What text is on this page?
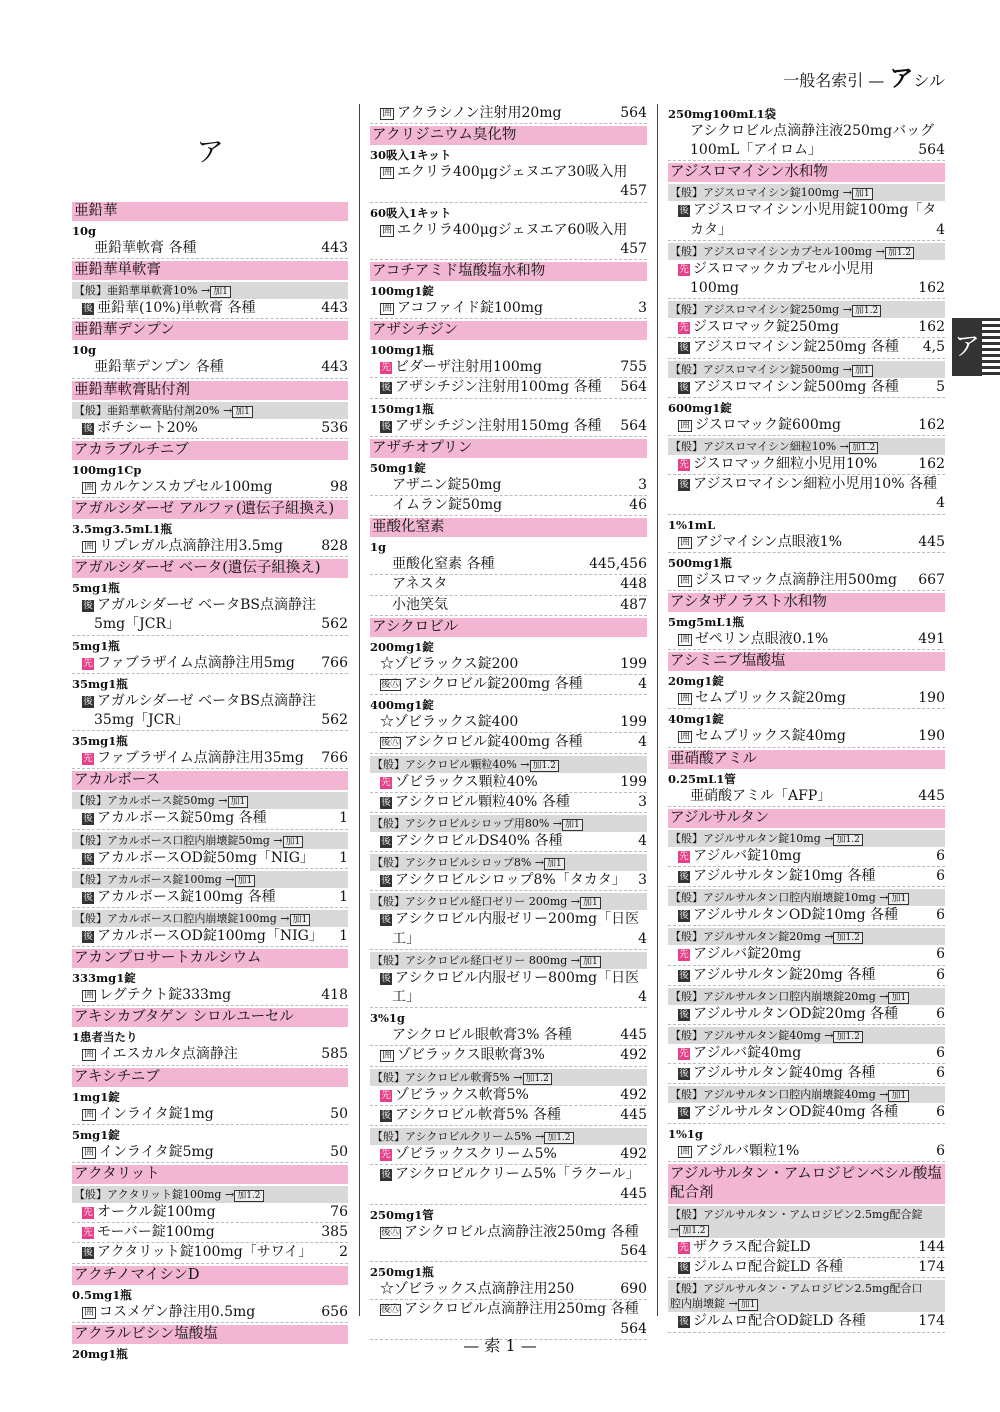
一般名索引 — アシル
ア
ア
亜鉛華
10g
亜鉛華軟膏 各種	443
亜鉛華単軟膏
【般】亜鉛華単軟膏10% → 加1
後 亜鉛華(10%)単軟膏 各種	443
亜鉛華デンプン
10g
亜鉛華デンプン 各種	443
亜鉛華軟膏貼付剤
【般】亜鉛華軟膏貼付剤20% → 加1
後 ボチシート20%	536
アカラブルチニブ
100mg1Cp
囲 カルケンスカプセル100mg	98
アガルシダーゼ アルファ(遺伝子組換え)
3.5mg3.5mL1瓶
囲 リプレガル点滴静注用3.5mg	828
アガルシダーゼ ベータ(遺伝子組換え)
5mg1瓶
後 アガルシダーゼ ベータBS点滴静注
5mg「JCR」	562
5mg1瓶
先 ファブラザイム点滴静注用5mg	766
35mg1瓶
後 アガルシダーゼ ベータBS点滴静注
35mg「JCR」	562
35mg1瓶
先 ファブラザイム点滴静注用35mg	766
アカルボース
【般】アカルボース錠50mg → 加1
後 アカルボース錠50mg 各種	1
【般】アカルボース口腔内崩壊錠50mg → 加1
後 アカルボースOD錠50mg「NIG」	1
【般】アカルボース錠100mg → 加1
後 アカルボース錠100mg 各種	1
【般】アカルボース口腔内崩壊錠100mg → 加1
後 アカルボースOD錠100mg「NIG」	1
アカンプロサートカルシウム
333mg1錠
囲 レグテクト錠333mg	418
アキシカブタゲン シロルユーセル
1患者当たり
囲 イエスカルタ点滴静注	585
アキシチニブ
1mg1錠
囲 インライタ錠1mg	50
5mg1錠
囲 インライタ錠5mg	50
アクタリット
【般】アクタリット錠100mg → 加1.2
先 オークル錠100mg	76
先 モーバー錠100mg	385
後 アクタリット錠100mg「サワイ」	2
アクチノマイシンD
0.5mg1瓶
囲 コスメゲン静注用0.5mg	656
アクラルビシン塩酸塩
20mg1瓶
囲 アクラシノン注射用20mg	564
アクリジニウム臭化物
30吸入1キット
囲 エクリラ400μgジェヌエア30吸入用
457
60吸入1キット
囲 エクリラ400μgジェヌエア60吸入用
457
アコチアミド塩酸塩水和物
100mg1錠
囲 アコファイド錠100mg	3
アザシチジン
100mg1瓶
先 ビダーザ注射用100mg	755
後 アザシチジン注射用100mg 各種	564
150mg1瓶
後 アザシチジン注射用150mg 各種	564
アザチオプリン
50mg1錠
アザニン錠50mg	3
イムラン錠50mg	46
亜酸化窒素
1g
亜酸化窒素 各種	445,456
アネスタ	448
小池笑気	487
アシクロビル
200mg1錠
☆ゾビラックス錠200	199
後㊇ アシクロビル錠200mg 各種	4
400mg1錠
☆ゾビラックス錠400	199
後㊇ アシクロビル錠400mg 各種	4
【般】アシクロビル顆粒40% → 加1.2
先 ゾビラックス顆粒40%	199
後 アシクロビル顆粒40% 各種	3
【般】アシクロビルシロップ用80% → 加1
後 アシクロビルDS40% 各種	4
【般】アシクロビルシロップ8% → 加1
後 アシクロビルシロップ8%「タカタ」 3
【般】アシクロビル経口ゼリー 200mg → 加1
後 アシクロビル内服ゼリー200mg「日医
工」	4
【般】アシクロビル経口ゼリー 800mg → 加1
後 アシクロビル内服ゼリー800mg「日医
工」	4
3%1g
アシクロビル眼軟膏3% 各種	445
囲 ゾビラックス眼軟膏3%	492
【般】アシクロビル軟膏5% → 加1.2
先 ゾビラックス軟膏5%	492
後 アシクロビル軟膏5% 各種	445
【般】アシクロビルクリーム5% → 加1.2
先 ゾビラックスクリーム5%	492
後 アシクロビルクリーム5%「ラクール」
445
250mg1管
後㊇ アシクロビル点滴静注液250mg 各種
564
250mg1瓶
☆ゾビラックス点滴静注用250	690
後㊇ アシクロビル点滴静注用250mg 各種
564
250mg100mL1袋
アシクロビル点滴静注液250mgバッグ
100mL「アイロム」	564
アジスロマイシン水和物
【般】アジスロマイシン錠100mg → 加1
後 アジスロマイシン小児用錠100mg「タ
カタ」	4
【般】アジスロマイシンカプセル100mg → 加1.2
先 ジスロマックカプセル小児用
100mg	162
【般】アジスロマイシン錠250mg → 加1.2
先 ジスロマック錠250mg	162
後 アジスロマイシン錠250mg 各種	4,5
【般】アジスロマイシン錠500mg → 加1
後 アジスロマイシン錠500mg 各種	5
600mg1錠
囲 ジスロマック錠600mg	162
【般】アジスロマイシン細粒10% → 加1.2
先 ジスロマック細粒小児用10%	162
後 アジスロマイシン細粒小児用10% 各種
4
1%1mL
囲 アジマイシン点眼液1%	445
500mg1瓶
囲 ジスロマック点滴静注用500mg	667
アシタザノラスト水和物
5mg5mL1瓶
囲 ゼペリン点眼液0.1%	491
アシミニブ塩酸塩
20mg1錠
囲 セムブリックス錠20mg	190
40mg1錠
囲 セムブリックス錠40mg	190
亜硝酸アミル
0.25mL1管
亜硝酸アミル「AFP」	445
アジルサルタン
【般】アジルサルタン錠10mg → 加1.2
先 アジルバ錠10mg	6
後 アジルサルタン錠10mg 各種	6
【般】アジルサルタン口腔内崩壊錠10mg → 加1
後 アジルサルタンOD錠10mg 各種	6
【般】アジルサルタン錠20mg → 加1.2
先 アジルバ錠20mg	6
後 アジルサルタン錠20mg 各種	6
【般】アジルサルタン口腔内崩壊錠20mg → 加1
後 アジルサルタンOD錠20mg 各種	6
【般】アジルサルタン錠40mg → 加1.2
先 アジルバ錠40mg	6
後 アジルサルタン錠40mg 各種	6
【般】アジルサルタン口腔内崩壊錠40mg → 加1
後 アジルサルタンOD錠40mg 各種	6
1%1g
囲 アジルバ顆粒1%	6
アジルサルタン・アムロジピンベシル酸塩配合剤
【般】アジルサルタン・アムロジピン2.5mg配合錠
→ 加1.2
先 ザクラス配合錠LD	144
後 ジルムロ配合錠LD 各種	174
【般】アジルサルタン・アムロジピン2.5mg配合口
腔内崩壊錠 → 加1
後 ジルムロ配合OD錠LD 各種	174
— 索 1 —
